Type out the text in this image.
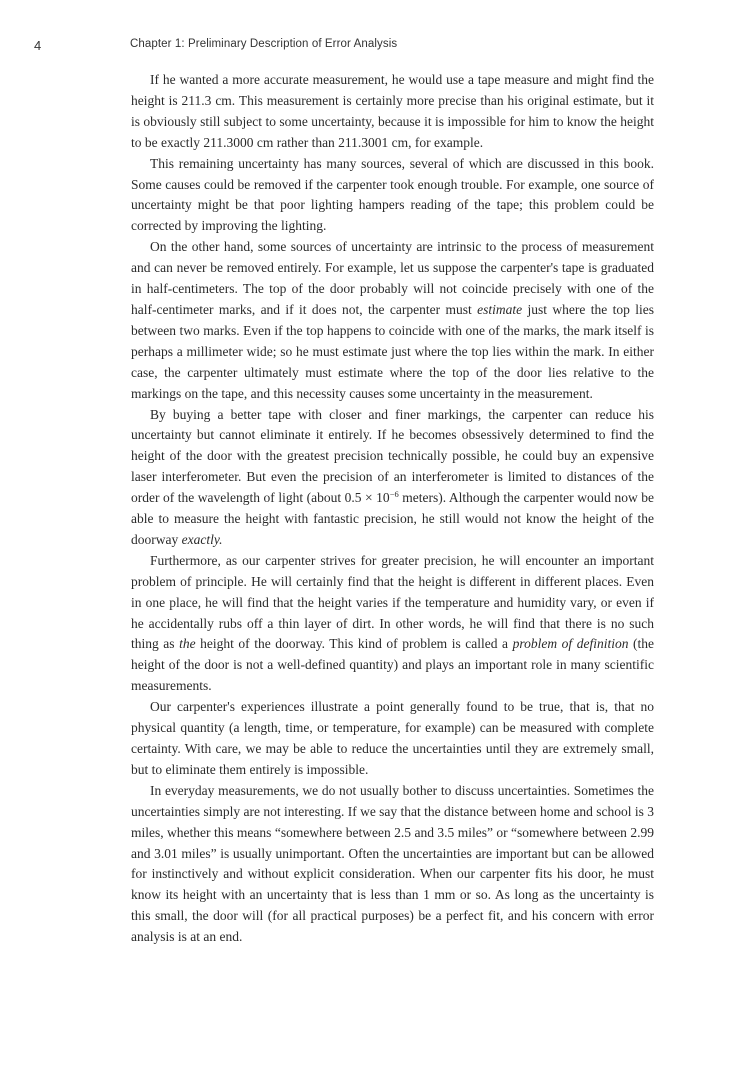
4	Chapter 1: Preliminary Description of Error Analysis

If he wanted a more accurate measurement, he would use a tape measure and might find the height is 211.3 cm. This measurement is certainly more precise than his original estimate, but it is obviously still subject to some uncertainty, because it is impossible for him to know the height to be exactly 211.3000 cm rather than 211.3001 cm, for example.

This remaining uncertainty has many sources, several of which are discussed in this book. Some causes could be removed if the carpenter took enough trouble. For example, one source of uncertainty might be that poor lighting hampers reading of the tape; this problem could be corrected by improving the lighting.

On the other hand, some sources of uncertainty are intrinsic to the process of measurement and can never be removed entirely. For example, let us suppose the carpenter's tape is graduated in half-centimeters. The top of the door probably will not coincide precisely with one of the half-centimeter marks, and if it does not, the carpenter must estimate just where the top lies between two marks. Even if the top happens to coincide with one of the marks, the mark itself is perhaps a millimeter wide; so he must estimate just where the top lies within the mark. In either case, the carpenter ultimately must estimate where the top of the door lies relative to the markings on the tape, and this necessity causes some uncertainty in the measurement.

By buying a better tape with closer and finer markings, the carpenter can reduce his uncertainty but cannot eliminate it entirely. If he becomes obsessively determined to find the height of the door with the greatest precision technically possible, he could buy an expensive laser interferometer. But even the precision of an interferometer is limited to distances of the order of the wavelength of light (about $0.5 \times 10^{-6}$ meters). Although the carpenter would now be able to measure the height with fantastic precision, he still would not know the height of the doorway exactly.

Furthermore, as our carpenter strives for greater precision, he will encounter an important problem of principle. He will certainly find that the height is different in different places. Even in one place, he will find that the height varies if the temperature and humidity vary, or even if he accidentally rubs off a thin layer of dirt. In other words, he will find that there is no such thing as the height of the doorway. This kind of problem is called a problem of definition (the height of the door is not a well-defined quantity) and plays an important role in many scientific measurements.

Our carpenter's experiences illustrate a point generally found to be true, that is, that no physical quantity (a length, time, or temperature, for example) can be measured with complete certainty. With care, we may be able to reduce the uncertainties until they are extremely small, but to eliminate them entirely is impossible.

In everyday measurements, we do not usually bother to discuss uncertainties. Sometimes the uncertainties simply are not interesting. If we say that the distance between home and school is 3 miles, whether this means “somewhere between 2.5 and 3.5 miles” or “somewhere between 2.99 and 3.01 miles” is usually unimportant. Often the uncertainties are important but can be allowed for instinctively and without explicit consideration. When our carpenter fits his door, he must know its height with an uncertainty that is less than 1 mm or so. As long as the uncertainty is this small, the door will (for all practical purposes) be a perfect fit, and his concern with error analysis is at an end.
